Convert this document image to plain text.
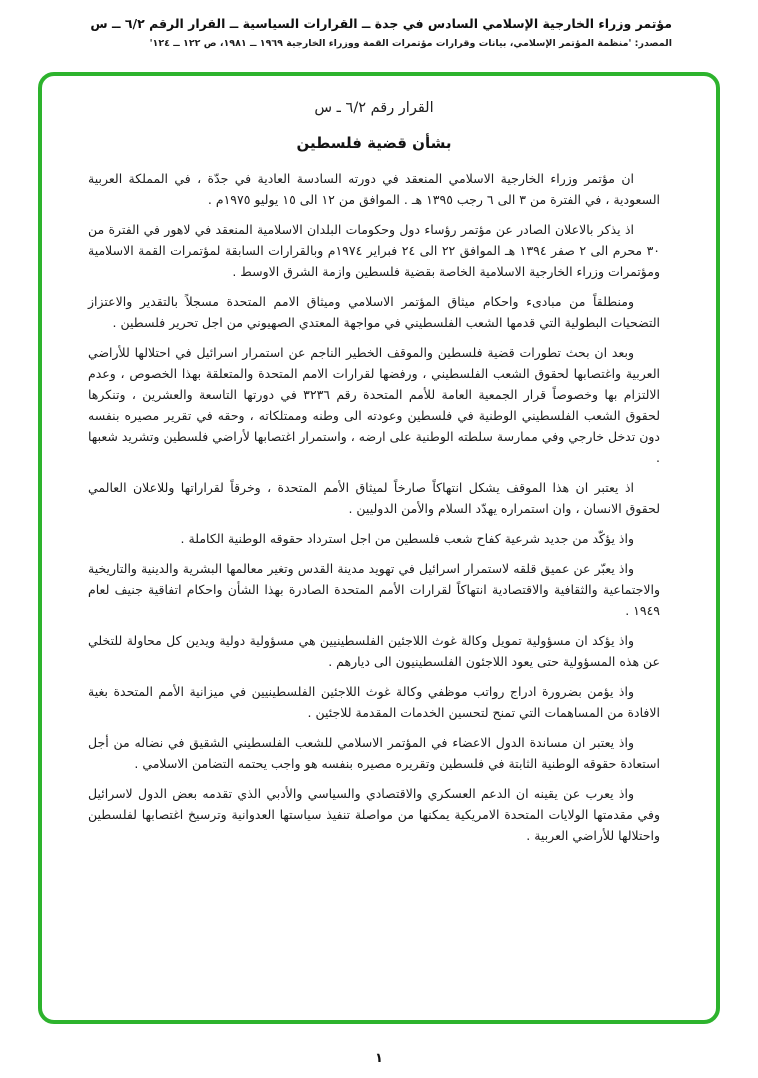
مؤتمر وزراء الخارجية الإسلامي السادس في جدة ــ القرارات السياسية ــ القرار الرقم ٦/٢ ــ س
المصدر: 'منظمة المؤتمر الإسلامي، بيانات وقرارات مؤتمرات القمة ووزراء الخارجية ١٩٦٩ ــ ١٩٨١، ص ١٢٢ ــ ١٢٤'
القرار رقم ٦/٢ ـ س
بشأن قضية فلسطين

ان مؤتمر وزراء الخارجية الاسلامي المنعقد في دورته السادسة العادية في جدّة ، في المملكة العربية السعودية ، في الفترة من ٣ الى ٦ رجب ١٣٩٥ هـ . الموافق من ١٢ الى ١٥ يوليو ١٩٧٥م .

اذ يذكر بالاعلان الصادر عن مؤتمر رؤساء دول وحكومات البلدان الاسلامية المنعقد في لاهور في الفترة من ٣٠ محرم الى ٢ صفر ١٣٩٤ هـ الموافق ٢٢ الى ٢٤ فبراير ١٩٧٤م وبالقرارات السابقة لمؤتمرات القمة الاسلامية ومؤتمرات وزراء الخارجية الاسلامية الخاصة بقضية فلسطين وازمة الشرق الاوسط .

ومنطلقاً من مبادىء واحكام ميثاق المؤتمر الاسلامي وميثاق الامم المتحدة مسجلاً بالتقدير والاعتزاز التضحيات البطولية التي قدمها الشعب الفلسطيني في مواجهة المعتدي الصهيوني من اجل تحرير فلسطين .

وبعد ان بحث تطورات قضية فلسطين والموقف الخطير الناجم عن استمرار اسرائيل في احتلالها للأراضي العربية واغتصابها لحقوق الشعب الفلسطيني ، ورفضها لقرارات الامم المتحدة والمتعلقة بهذا الخصوص ، وعدم الالتزام بها وخصوصاً قرار الجمعية العامة للأمم المتحدة رقم ٣٢٣٦ في دورتها التاسعة والعشرين ، وتنكرها لحقوق الشعب الفلسطيني الوطنية في فلسطين وعودته الى وطنه وممتلكاته ، وحقه في تقرير مصيره بنفسه دون تدخل خارجي وفي ممارسة سلطته الوطنية على ارضه ، واستمرار اغتصابها لأراضي فلسطين وتشريد شعبها .

اذ يعتبر ان هذا الموقف يشكل انتهاكاً صارخاً لميثاق الأمم المتحدة ، وخرقاً لقراراتها وللاعلان العالمي لحقوق الانسان ، وان استمراره يهدّد السلام والأمن الدوليين .

واذ يؤكّد من جديد شرعية كفاح شعب فلسطين من اجل استرداد حقوقه الوطنية الكاملة .

واذ يعبّر عن عميق قلقه لاستمرار اسرائيل في تهويد مدينة القدس وتغير معالمها البشرية والدينية والتاريخية والاجتماعية والثقافية والاقتصادية انتهاكاً لقرارات الأمم المتحدة الصادرة بهذا الشأن واحكام اتفاقية جنيف لعام ١٩٤٩ .

واذ يؤكد ان مسؤولية تمويل وكالة غوث اللاجئين الفلسطينيين هي مسؤولية دولية ويدين كل محاولة للتخلي عن هذه المسؤولية حتى يعود اللاجئون الفلسطينيون الى ديارهم .

واذ يؤمن بضرورة ادراج رواتب موظفي وكالة غوث اللاجئين الفلسطينيين في ميزانية الأمم المتحدة بغية الافادة من المساهمات التي تمنح لتحسين الخدمات المقدمة للاجئين .

واذ يعتبر ان مساندة الدول الاعضاء في المؤتمر الاسلامي للشعب الفلسطيني الشقيق في نضاله من أجل استعادة حقوقه الوطنية الثابتة في فلسطين وتقريره مصيره بنفسه هو واجب يحتمه التضامن الاسلامي .

واذ يعرب عن يقينه ان الدعم العسكري والاقتصادي والسياسي والأدبي الذي تقدمه بعض الدول لاسرائيل وفي مقدمتها الولايات المتحدة الامريكية يمكنها من مواصلة تنفيذ سياستها العدوانية وترسيخ اغتصابها لفلسطين واحتلالها للأراضي العربية .

١
